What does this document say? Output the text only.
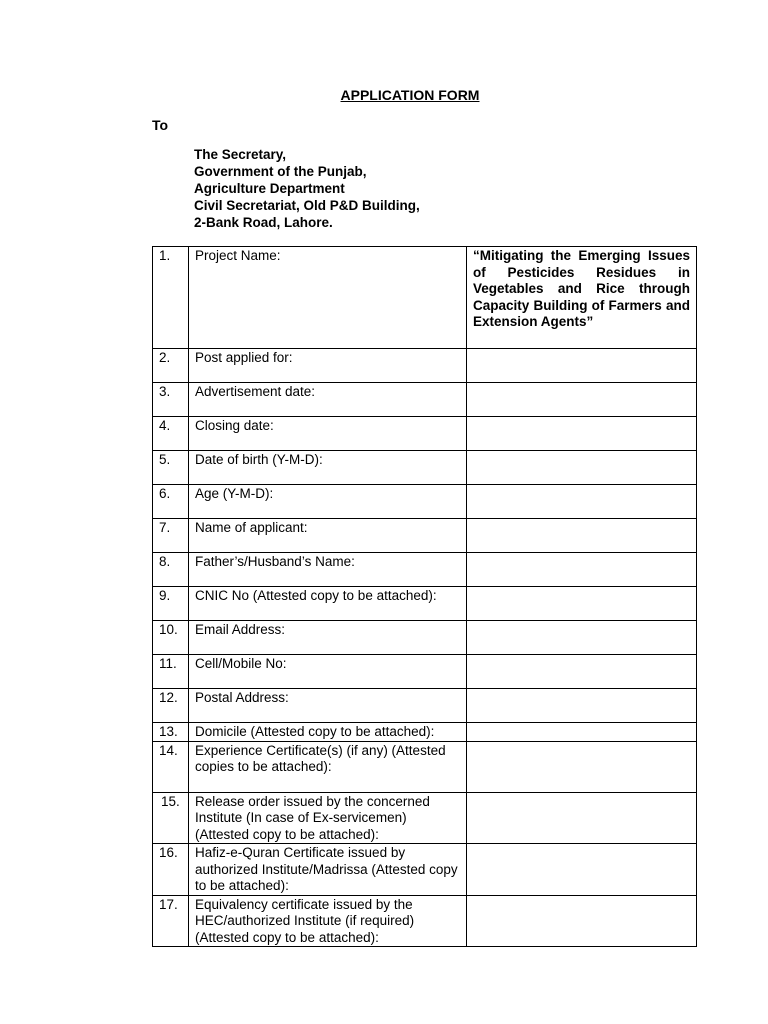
APPLICATION FORM
To
The Secretary,
Government of the Punjab,
Agriculture Department
Civil Secretariat, Old P&D Building,
2-Bank Road, Lahore.
1.	Project Name:	“Mitigating the Emerging Issues of Pesticides Residues in Vegetables and Rice through Capacity Building of Farmers and Extension Agents”

2.	Post applied for:	
3.	Advertisement date:	
4.	Closing date:	
5.	Date of birth (Y-M-D):	
6.	Age (Y-M-D):	
7.	Name of applicant:	
8.	Father’s/Husband’s Name:	
9.	CNIC No (Attested copy to be attached):	
10.	Email Address:	
11.	Cell/Mobile No:	
12.	Postal Address:	
13.	Domicile (Attested copy to be attached):	
14.	Experience Certificate(s) (if any) (Attested copies to be attached):	
15.	Release order issued by the concerned Institute (In case of Ex-servicemen) (Attested copy to be attached):	
16.	Hafiz-e-Quran Certificate issued by authorized Institute/Madrissa (Attested copy to be attached):	
17.	Equivalency certificate issued by the HEC/authorized Institute (if required) (Attested copy to be attached):	
